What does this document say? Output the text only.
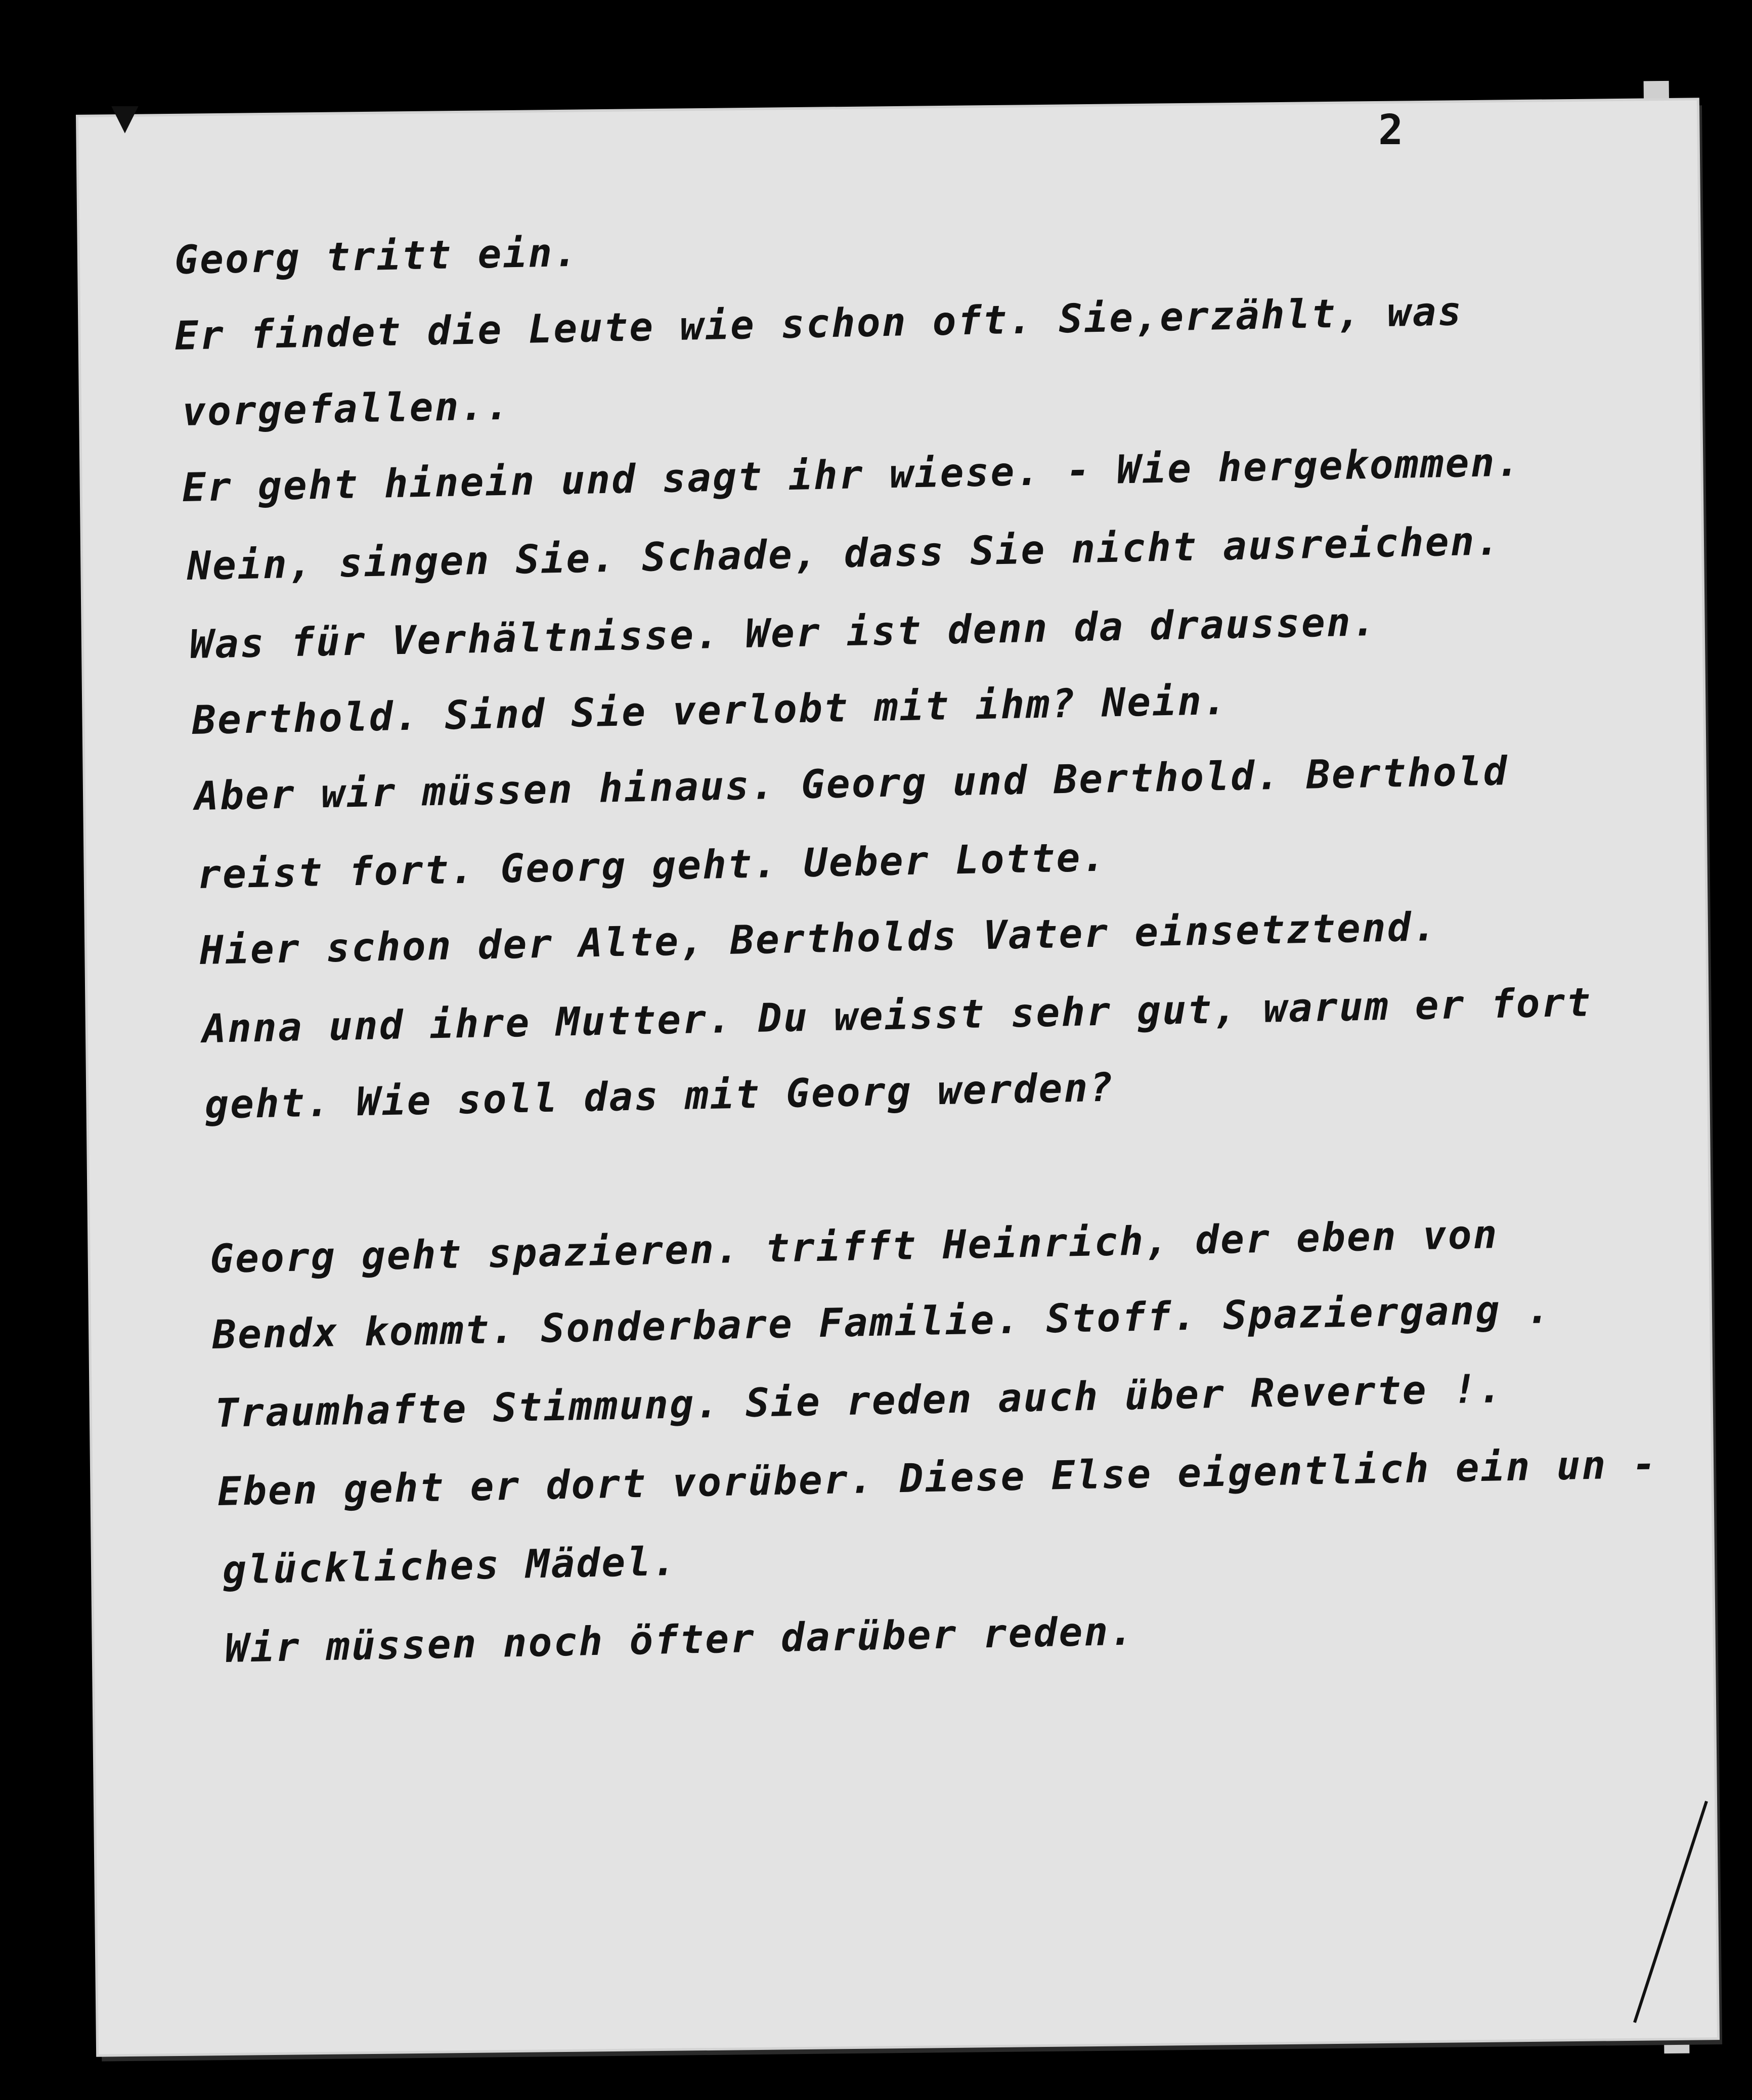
▼	2
Georg tritt ein.
Er findet die Leute wie schon oft. Sie,erzählt, was
vorgefallen..
Er geht hinein und sagt ihr wiese. - Wie hergekommen.
Nein, singen Sie. Schade, dass Sie nicht ausreichen.
Was für Verhältnisse. Wer ist denn da draussen.
Berthold. Sind Sie verlobt mit ihm? Nein.
Aber wir müssen hinaus. Georg und Berthold. Berthold
reist fort. Georg geht. Ueber Lotte.
Hier schon der Alte, Bertholds Vater einsetztend.
Anna und ihre Mutter. Du weisst sehr gut, warum er fort
geht. Wie soll das mit Georg werden?
Georg geht spazieren. trifft Heinrich, der eben von
Bendx kommt. Sonderbare Familie. Stoff. Spaziergang .
Traumhafte Stimmung. Sie reden auch über Reverte !.
Eben geht er dort vorüber. Diese Else eigentlich ein un -
glückliches Mädel.
Wir müssen noch öfter darüber reden.
